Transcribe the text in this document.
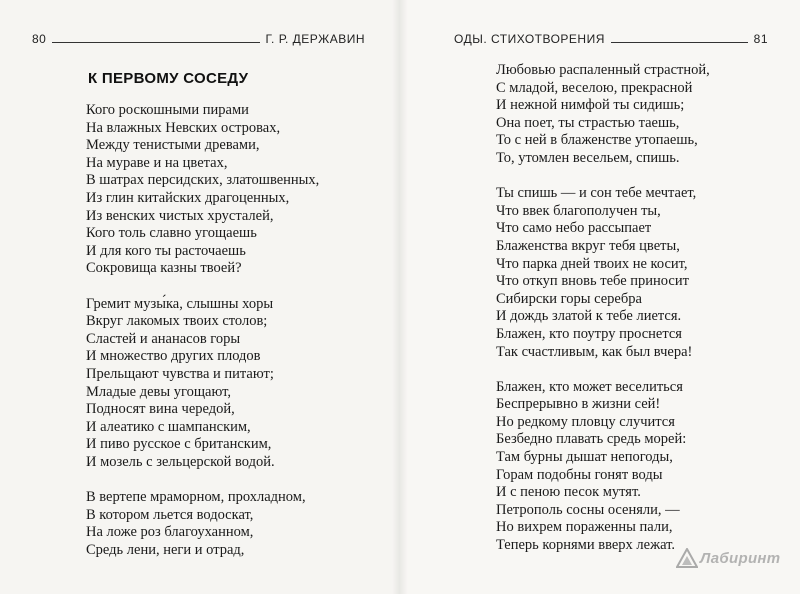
80	Г. Р. ДЕРЖАВИН	ОДЫ. СТИХОТВОРЕНИЯ	81
К ПЕРВОМУ СОСЕДУ
Кого роскошными пирами
На влажных Невских островах,
Между тенистыми древами,
На мураве и на цветах,
В шатрах персидских, златошвенных,
Из глин китайских драгоценных,
Из венских чистых хрусталей,
Кого толь славно угощаешь
И для кого ты расточаешь
Сокровища казны твоей?
Гремит музы́ка, слышны хоры
Вкруг лакомых твоих столов;
Сластей и ананасов горы
И множество других плодов
Прельщают чувства и питают;
Младые девы угощают,
Подносят вина чередой,
И алеатико с шампанским,
И пиво русское с британским,
И мозель с зельцерской водой.
В вертепе мраморном, прохладном,
В котором льется водоскат,
На ложе роз благоуханном,
Средь лени, неги и отрад,
Любовью распаленный страстной,
С младой, веселою, прекрасной
И нежной нимфой ты сидишь;
Она поет, ты страстью таешь,
То с ней в блаженстве утопаешь,
То, утомлен весельем, спишь.
Ты спишь — и сон тебе мечтает,
Что ввек благополучен ты,
Что само небо рассыпает
Блаженства вкруг тебя цветы,
Что парка дней твоих не косит,
Что откуп вновь тебе приносит
Сибирски горы серебра
И дождь златой к тебе лиется.
Блажен, кто поутру проснется
Так счастливым, как был вчера!
Блажен, кто может веселиться
Беспрерывно в жизни сей!
Но редкому пловцу случится
Безбедно плавать средь морей:
Там бурны дышат непогоды,
Горам подобны гонят воды
И с пеною песок мутят.
Петрополь сосны осеняли, —
Но вихрем пораженны пали,
Теперь корнями вверх лежат.
Лабиринт
